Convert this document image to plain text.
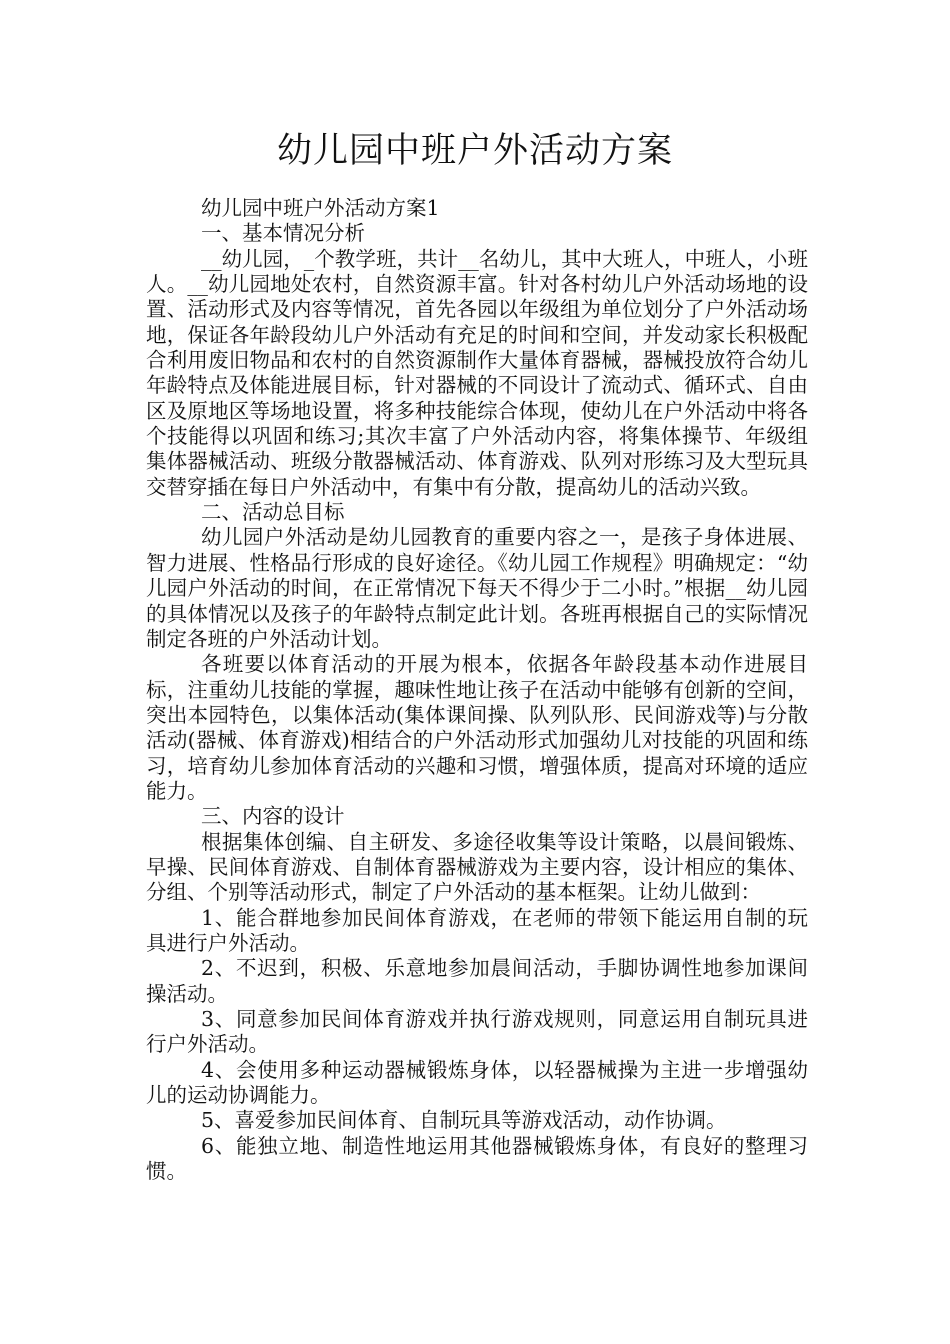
幼儿园中班户外活动方案

幼儿园中班户外活动方案1

一、基本情况分析

__幼儿园，_个教学班，共计__名幼儿，其中大班人，中班人，小班人。__幼儿园地处农村，自然资源丰富。针对各村幼儿户外活动场地的设置、活动形式及内容等情况，首先各园以年级组为单位划分了户外活动场地，保证各年龄段幼儿户外活动有充足的时间和空间，并发动家长积极配合利用废旧物品和农村的自然资源制作大量体育器械，器械投放符合幼儿年龄特点及体能进展目标，针对器械的不同设计了流动式、循环式、自由区及原地区等场地设置，将多种技能综合体现，使幼儿在户外活动中将各个技能得以巩固和练习;其次丰富了户外活动内容，将集体操节、年级组集体器械活动、班级分散器械活动、体育游戏、队列对形练习及大型玩具交替穿插在每日户外活动中，有集中有分散，提高幼儿的活动兴致。

二、活动总目标

幼儿园户外活动是幼儿园教育的重要内容之一，是孩子身体进展、智力进展、性格品行形成的良好途径。《幼儿园工作规程》明确规定：“幼儿园户外活动的时间，在正常情况下每天不得少于二小时。”根据__幼儿园的具体情况以及孩子的年龄特点制定此计划。各班再根据自己的实际情况制定各班的户外活动计划。

各班要以体育活动的开展为根本，依据各年龄段基本动作进展目标，注重幼儿技能的掌握，趣味性地让孩子在活动中能够有创新的空间，突出本园特色，以集体活动(集体课间操、队列队形、民间游戏等)与分散活动(器械、体育游戏)相结合的户外活动形式加强幼儿对技能的巩固和练习，培育幼儿参加体育活动的兴趣和习惯，增强体质，提高对环境的适应能力。

三、内容的设计

根据集体创编、自主研发、多途径收集等设计策略，以晨间锻炼、早操、民间体育游戏、自制体育器械游戏为主要内容，设计相应的集体、分组、个别等活动形式，制定了户外活动的基本框架。让幼儿做到：

1、能合群地参加民间体育游戏，在老师的带领下能运用自制的玩具进行户外活动。

2、不迟到，积极、乐意地参加晨间活动，手脚协调性地参加课间操活动。

3、同意参加民间体育游戏并执行游戏规则，同意运用自制玩具进行户外活动。

4、会使用多种运动器械锻炼身体，以轻器械操为主进一步增强幼儿的运动协调能力。

5、喜爱参加民间体育、自制玩具等游戏活动，动作协调。

6、能独立地、制造性地运用其他器械锻炼身体，有良好的整理习惯。
